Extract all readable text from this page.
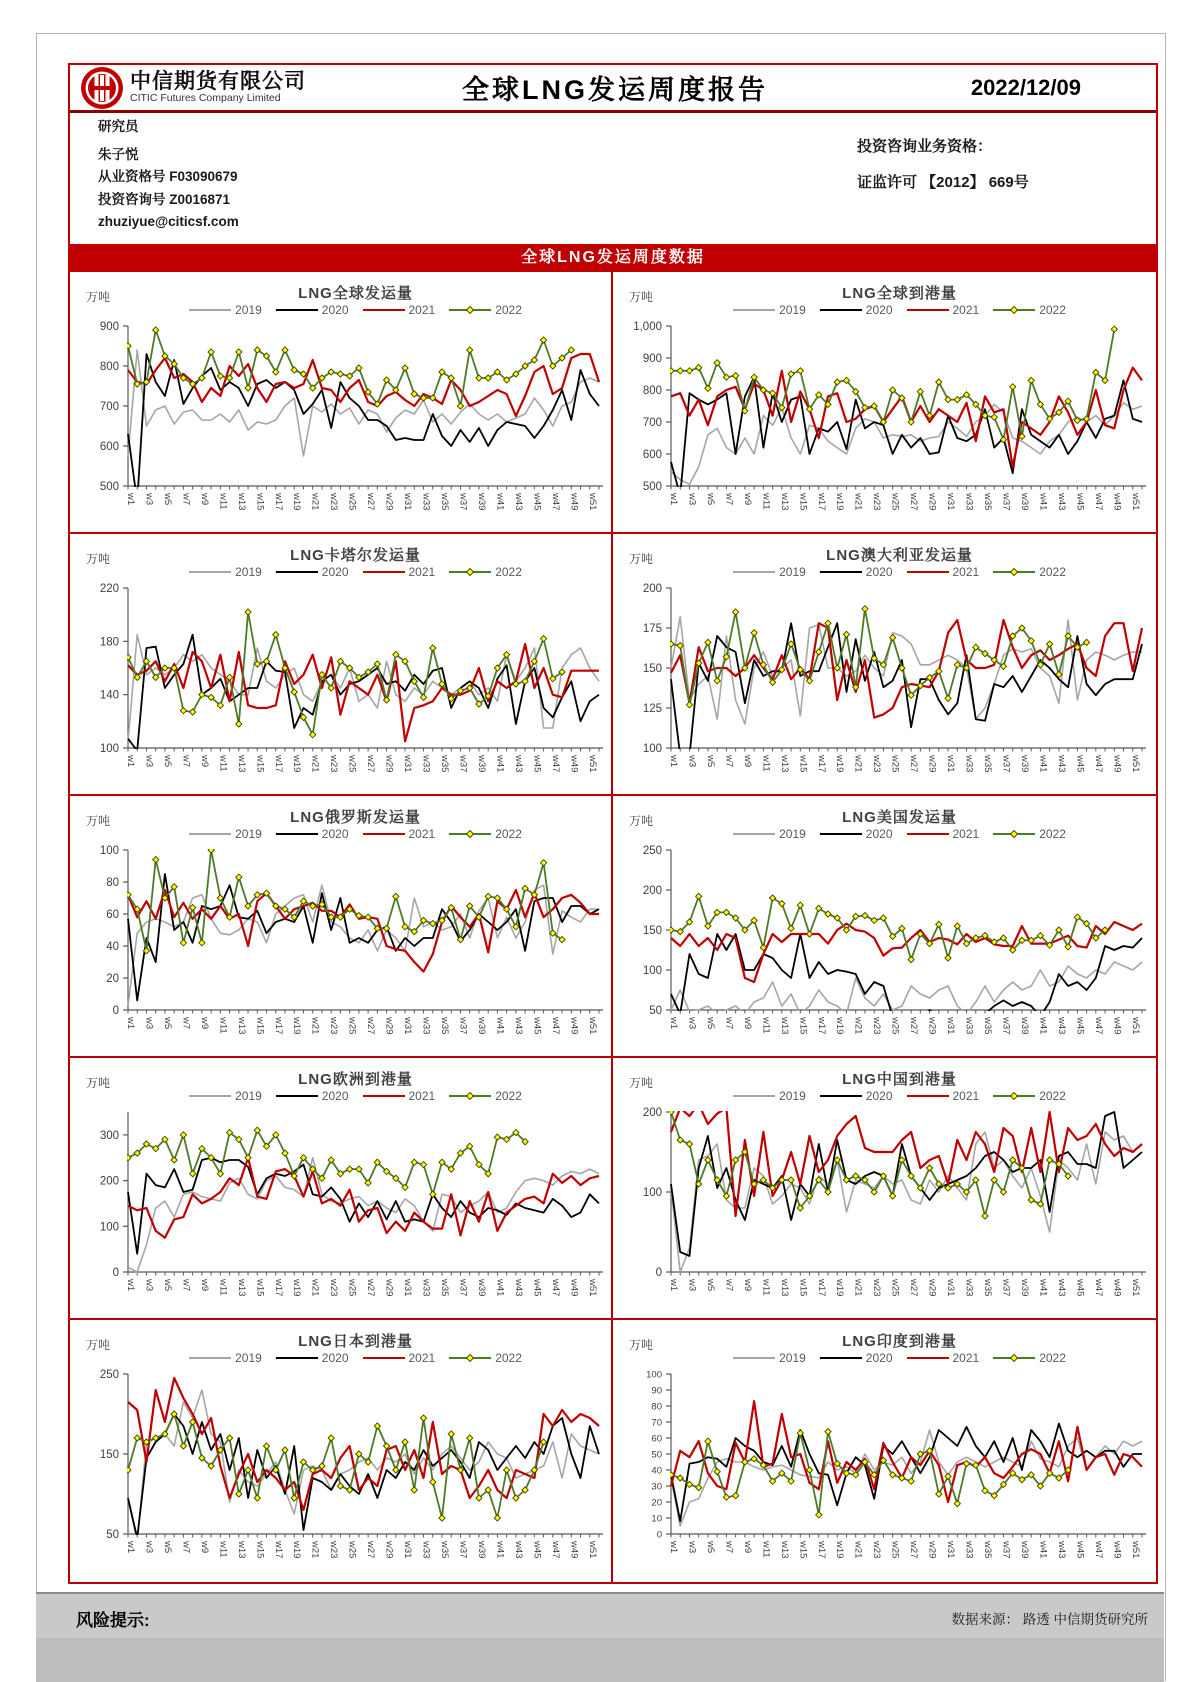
中信期货有限公司
CITIC Futures Company Limited	全球LNG发运周度报告	2022/12/09
研究员
朱子悦
从业资格号 F03090679
投资咨询号 Z0016871
zhuziyue@citicsf.com
投资咨询业务资格：
证监许可 【2012】 669号
全球LNG发运周度数据
万吨	LNG全球发运量
2019	2020	2021	2022
500
600
700
800
900
w1 w3 w5 w7 w9 w11 w13 w15 w17 w19 w21 w23 w25 w27 w29 w31 w33 w35 w37 w39 w41 w43 w45 w47 w49 w51
万吨	LNG全球到港量
2019	2020	2021	2022
500
600
700
800
900
1,000
w1 w3 w5 w7 w9 w11 w13 w15 w17 w19 w21 w23 w25 w27 w29 w31 w33 w35 w37 w39 w41 w43 w45 w47 w49 w51
万吨	LNG卡塔尔发运量
2019	2020	2021	2022
100
140
180
220
w1 w3 w5 w7 w9 w11 w13 w15 w17 w19 w21 w23 w25 w27 w29 w31 w33 w35 w37 w39 w41 w43 w45 w47 w49 w51
万吨	LNG澳大利亚发运量
2019	2020	2021	2022
100
125
150
175
200
w1 w3 w5 w7 w9 w11 w13 w15 w17 w19 w21 w23 w25 w27 w29 w31 w33 w35 w37 w39 w41 w43 w45 w47 w49 w51
万吨	LNG俄罗斯发运量
2019	2020	2021	2022
0
20
40
60
80
100
w1 w3 w5 w7 w9 w11 w13 w15 w17 w19 w21 w23 w25 w27 w29 w31 w33 w35 w37 w39 w41 w43 w45 w47 w49 w51
万吨	LNG美国发运量
2019	2020	2021	2022
50
100
150
200
250
w1 w3 w5 w7 w9 w11 w13 w15 w17 w19 w21 w23 w25 w27 w29 w31 w33 w35 w37 w39 w41 w43 w45 w47 w49 w51
万吨	LNG欧洲到港量
2019	2020	2021	2022
0
100
200
300
w1 w3 w5 w7 w9 w11 w13 w15 w17 w19 w21 w23 w25 w27 w29 w31 w33 w35 w37 w39 w41 w43 w45 w47 w49 w51
万吨	LNG中国到港量
2019	2020	2021	2022
0
100
200
w1 w3 w5 w7 w9 w11 w13 w15 w17 w19 w21 w23 w25 w27 w29 w31 w33 w35 w37 w39 w41 w43 w45 w47 w49 w51
万吨	LNG日本到港量
2019	2020	2021	2022
50
150
250
w1 w3 w5 w7 w9 w11 w13 w15 w17 w19 w21 w23 w25 w27 w29 w31 w33 w35 w37 w39 w41 w43 w45 w47 w49 w51
万吨	LNG印度到港量
2019	2020	2021	2022
0
10
20
30
40
50
60
70
80
90
100
w1 w3 w5 w7 w9 w11 w13 w15 w17 w19 w21 w23 w25 w27 w29 w31 w33 w35 w37 w39 w41 w43 w45 w47 w49 w51
风险提示:	数据来源： 路透 中信期货研究所
